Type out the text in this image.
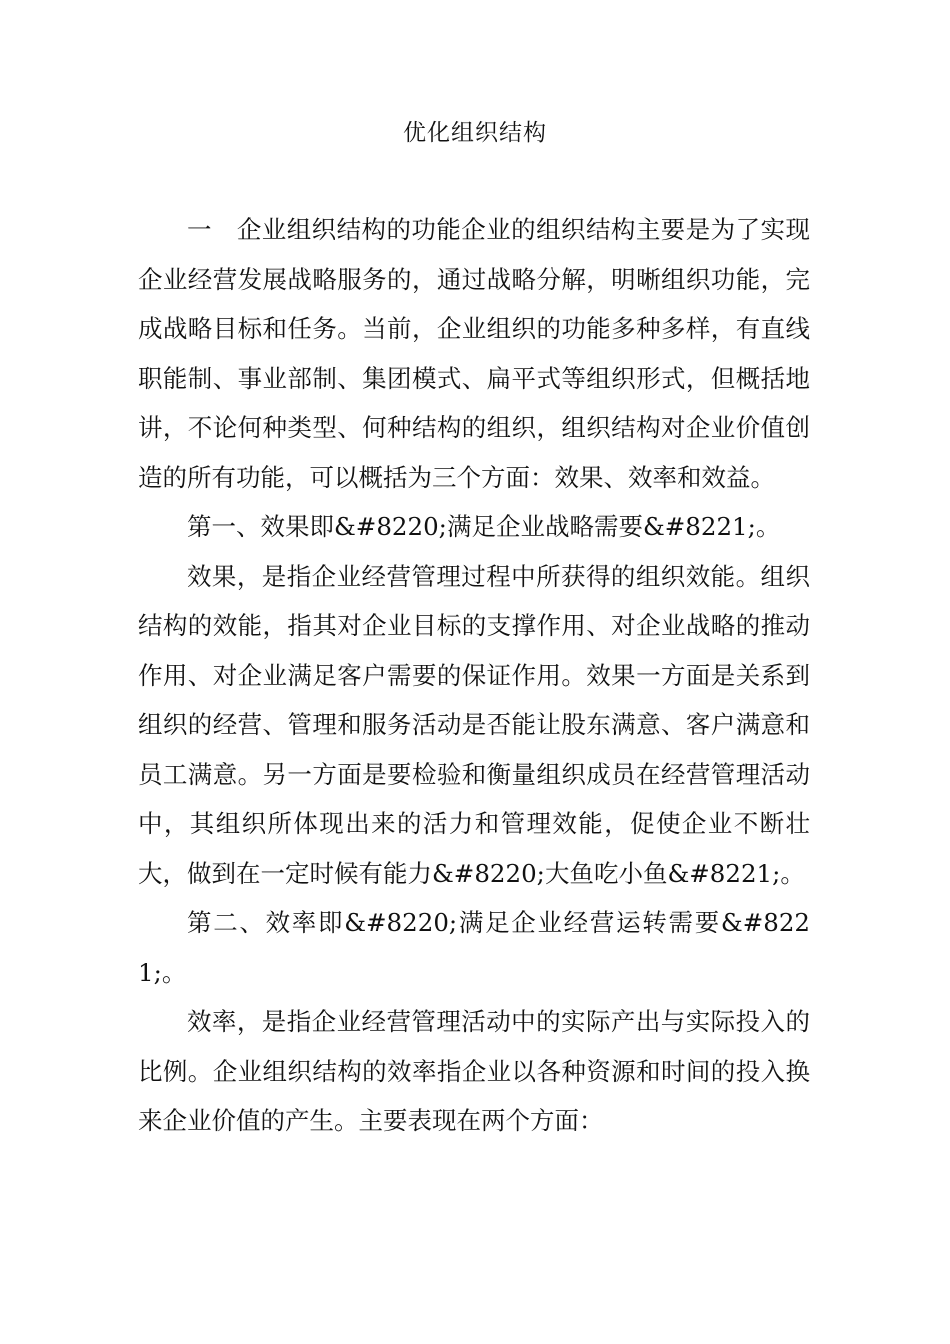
优化组织结构

一　企业组织结构的功能企业的组织结构主要是为了实现企业经营发展战略服务的，通过战略分解，明晰组织功能，完成战略目标和任务。当前，企业组织的功能多种多样，有直线职能制、事业部制、集团模式、扁平式等组织形式，但概括地讲，不论何种类型、何种结构的组织，组织结构对企业价值创造的所有功能，可以概括为三个方面：效果、效率和效益。

第一、效果即&#8220;满足企业战略需要&#8221;。

效果，是指企业经营管理过程中所获得的组织效能。组织结构的效能，指其对企业目标的支撑作用、对企业战略的推动作用、对企业满足客户需要的保证作用。效果一方面是关系到组织的经营、管理和服务活动是否能让股东满意、客户满意和员工满意。另一方面是要检验和衡量组织成员在经营管理活动中，其组织所体现出来的活力和管理效能，促使企业不断壮大，做到在一定时候有能力&#8220;大鱼吃小鱼&#8221;。

第二、效率即&#8220;满足企业经营运转需要&#8221;。

效率，是指企业经营管理活动中的实际产出与实际投入的比例。企业组织结构的效率指企业以各种资源和时间的投入换来企业价值的产生。主要表现在两个方面：
